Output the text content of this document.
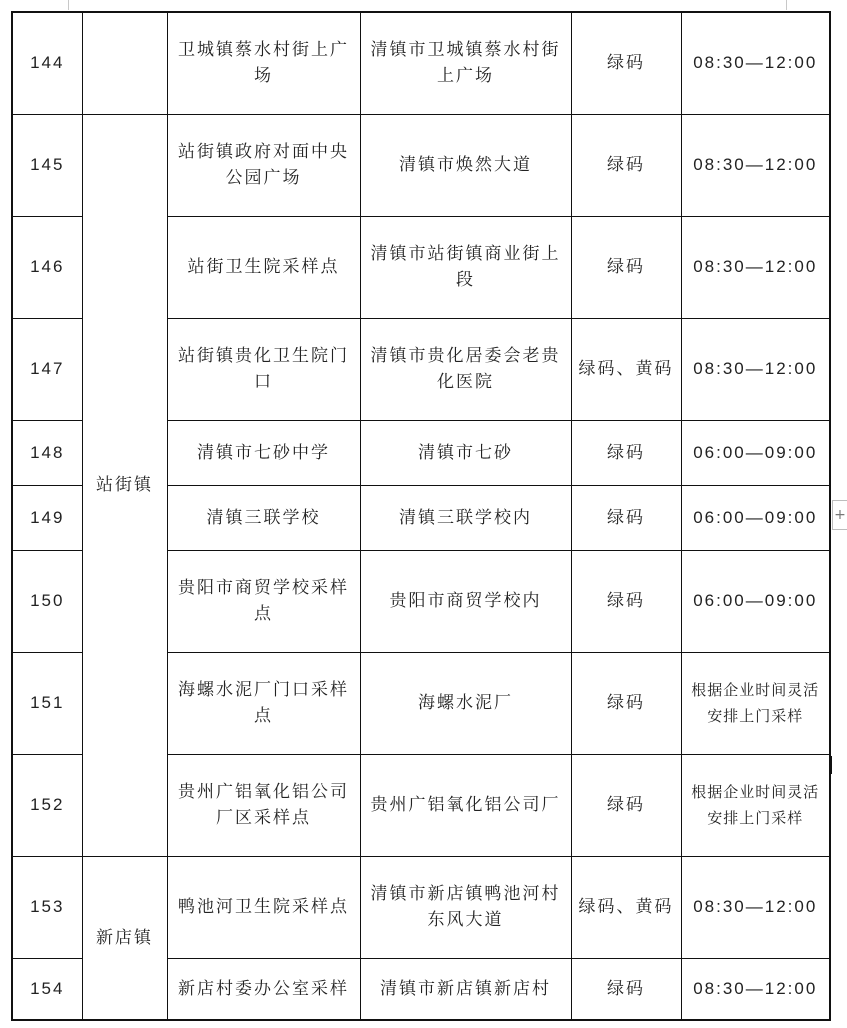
144		卫城镇蔡水村街上广场	清镇市卫城镇蔡水村街上广场	绿码	08:30—12:00
145	站街镇	站街镇政府对面中央公园广场	清镇市焕然大道	绿码	08:30—12:00
146		站街卫生院采样点	清镇市站街镇商业街上段	绿码	08:30—12:00
147		站街镇贵化卫生院门口	清镇市贵化居委会老贵化医院	绿码、黄码	08:30—12:00
148		清镇市七砂中学	清镇市七砂	绿码	06:00—09:00
149		清镇三联学校	清镇三联学校内	绿码	06:00—09:00
150		贵阳市商贸学校采样点	贵阳市商贸学校内	绿码	06:00—09:00
151		海螺水泥厂门口采样点	海螺水泥厂	绿码	根据企业时间灵活安排上门采样
152		贵州广铝氧化铝公司厂区采样点	贵州广铝氧化铝公司厂	绿码	根据企业时间灵活安排上门采样
153	新店镇	鸭池河卫生院采样点	清镇市新店镇鸭池河村东风大道	绿码、黄码	08:30—12:00
154		新店村委办公室采样	清镇市新店镇新店村	绿码	08:30—12:00
+
